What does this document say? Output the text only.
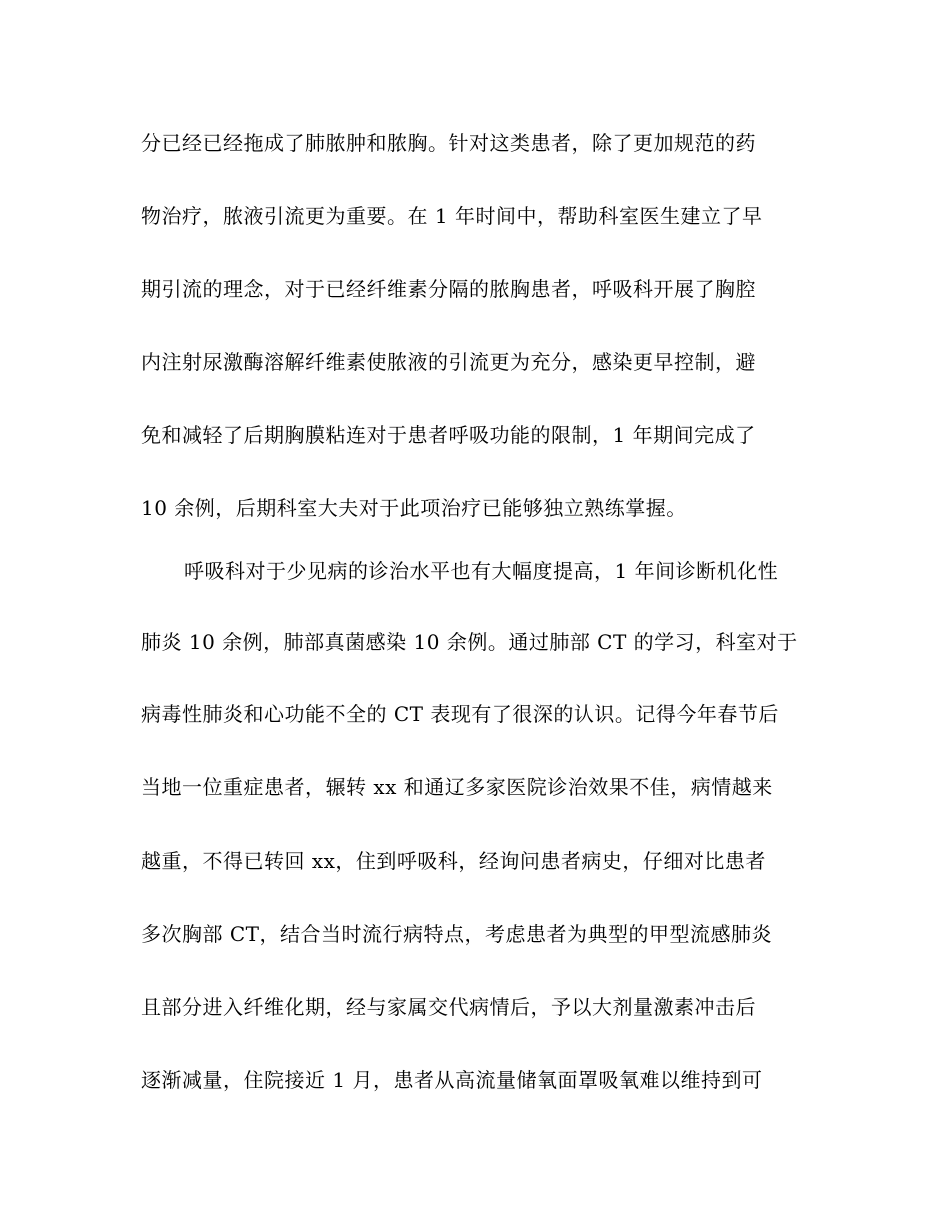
分已经已经拖成了肺脓肿和脓胸。针对这类患者，除了更加规范的药

物治疗，脓液引流更为重要。在 1 年时间中，帮助科室医生建立了早

期引流的理念，对于已经纤维素分隔的脓胸患者，呼吸科开展了胸腔

内注射尿激酶溶解纤维素使脓液的引流更为充分，感染更早控制，避

免和减轻了后期胸膜粘连对于患者呼吸功能的限制，1 年期间完成了

10 余例，后期科室大夫对于此项治疗已能够独立熟练掌握。

呼吸科对于少见病的诊治水平也有大幅度提高，1 年间诊断机化性

肺炎 10 余例，肺部真菌感染 10 余例。通过肺部 CT 的学习，科室对于

病毒性肺炎和心功能不全的 CT 表现有了很深的认识。记得今年春节后

当地一位重症患者，辗转 xx 和通辽多家医院诊治效果不佳，病情越来

越重，不得已转回 xx，住到呼吸科，经询问患者病史，仔细对比患者

多次胸部 CT，结合当时流行病特点，考虑患者为典型的甲型流感肺炎

且部分进入纤维化期，经与家属交代病情后，予以大剂量激素冲击后

逐渐减量，住院接近 1 月，患者从高流量储氧面罩吸氧难以维持到可
